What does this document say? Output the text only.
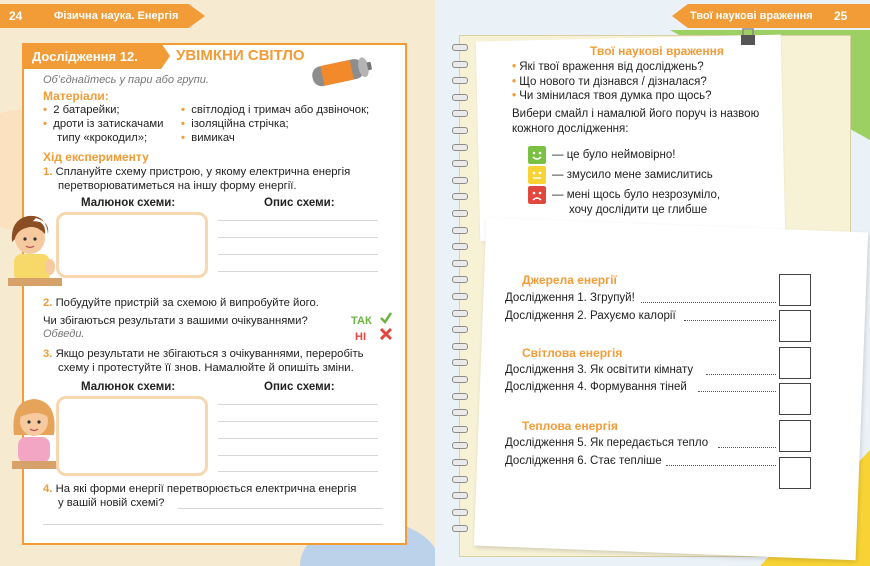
24	Фізична наука. Енергія
Дослідження 12.	УВІМКНИ СВІТЛО
Об’єднайтесь у пари або групи.
Матеріали:
• 2 батарейки;
• дроти із затискачами
типу «крокодил»;
• світлодіод і тримач або дзвіночок;
• ізоляційна стрічка;
• вимикач
Хід експерименту
1. Сплануйте схему пристрою, у якому електрична енергія
перетворюватиметься на іншу форму енергії.
Малюнок схеми:	Опис схеми:
2. Побудуйте пристрій за схемою й випробуйте його.
Чи збігаються результати з вашими очікуваннями?
Обведи.
ТАК
НІ
3. Якщо результати не збігаються з очікуваннями, переробіть
схему і протестуйте її знов. Намалюйте й опишіть зміни.
Малюнок схеми:	Опис схеми:
4. На які форми енергії перетворюється електрична енергія
у вашій новій схемі?
Твої наукові враження 25
Твої наукові враження
• Які твої враження від досліджень?
• Що нового ти дізнався / дізналася?
• Чи змінилася твоя думка про щось?
Вибери смайл і намалюй його поруч із назвою
кожного дослідження:
— це було неймовірно!
— змусило мене замислитись
— мені щось було незрозуміло,
хочу дослідити це глибше
Джерела енергії
Дослідження 1. Згрупуй!
Дослідження 2. Рахуємо калорії
Світлова енергія
Дослідження 3. Як освітити кімнату
Дослідження 4. Формування тіней
Теплова енергія
Дослідження 5. Як передається тепло
Дослідження 6. Стає тепліше
